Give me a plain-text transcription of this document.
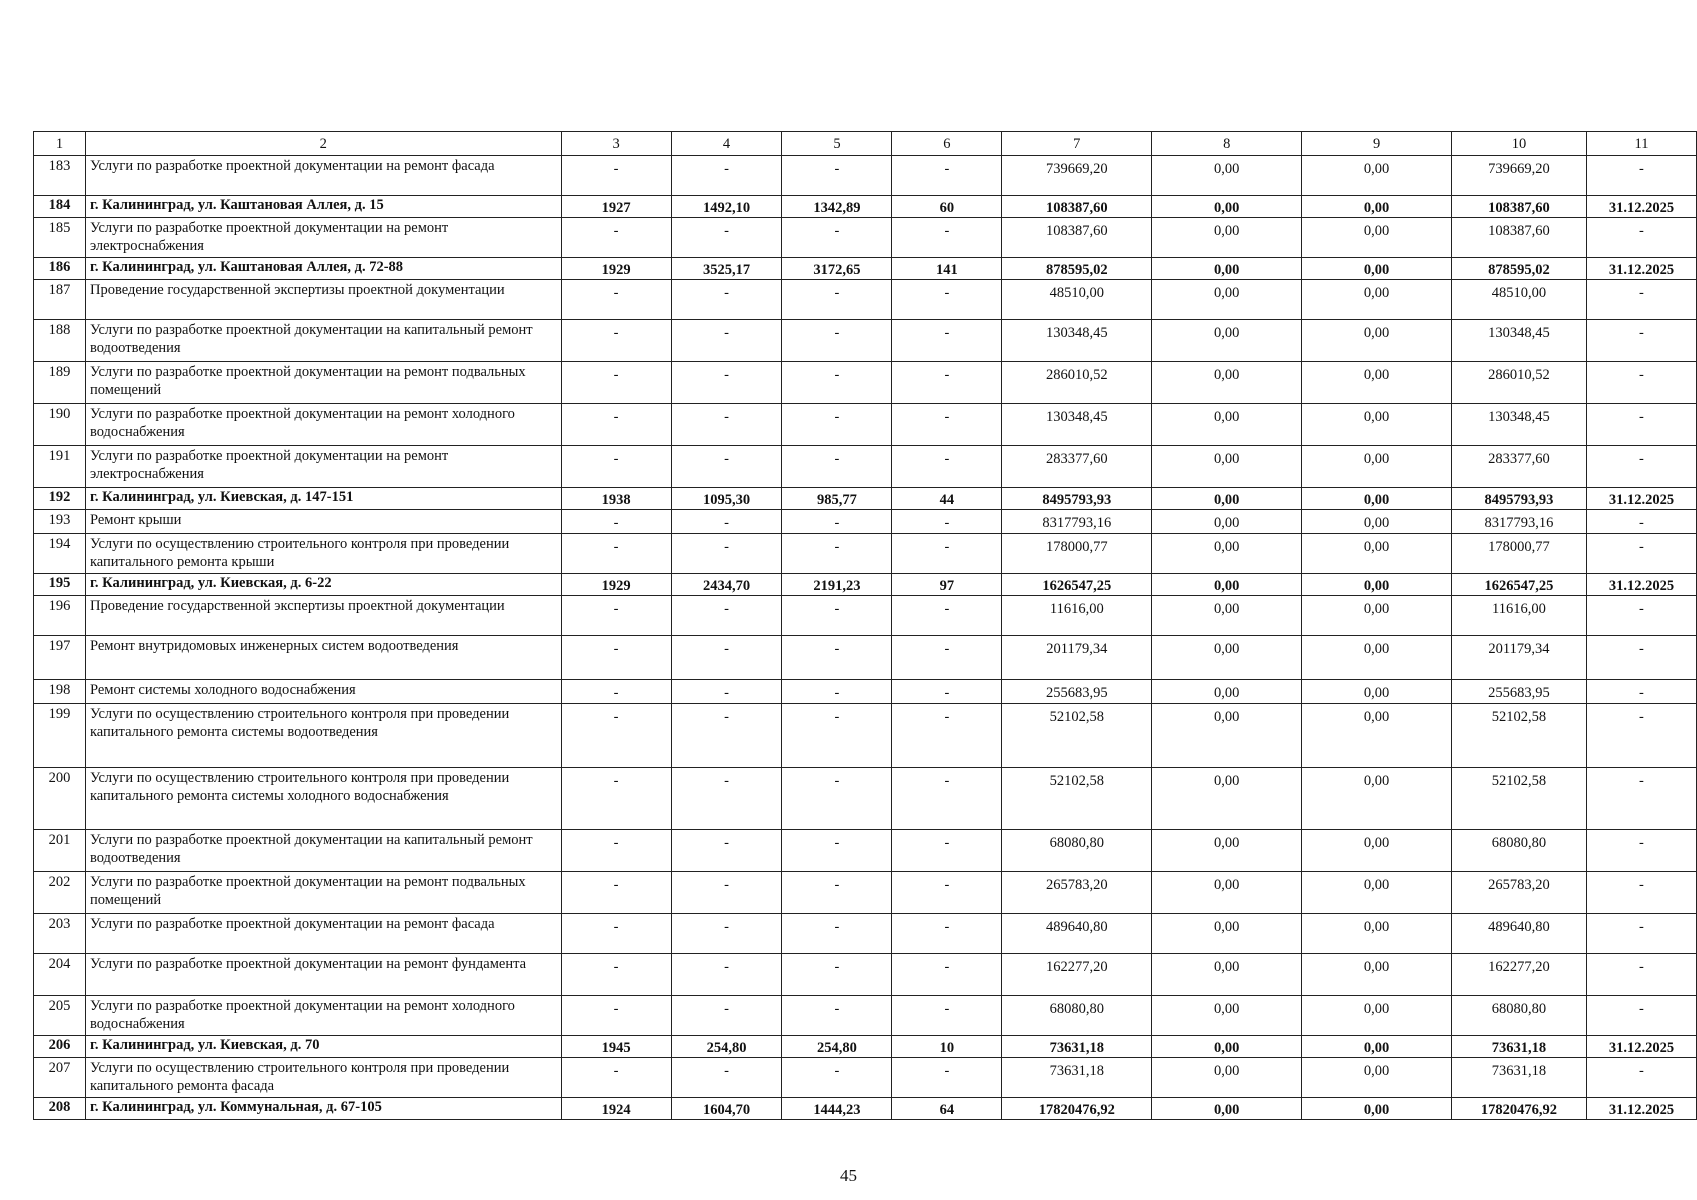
1	2	3	4	5	6	7	8	9	10	11
183	Услуги по разработке проектной документации на ремонт фасада	-	-	-	-	739669,20	0,00	0,00	739669,20	-
184	г. Калининград, ул. Каштановая Аллея, д. 15	1927	1492,10	1342,89	60	108387,60	0,00	0,00	108387,60	31.12.2025
185	Услуги по разработке проектной документации на ремонт электроснабжения	-	-	-	-	108387,60	0,00	0,00	108387,60	-
186	г. Калининград, ул. Каштановая Аллея, д. 72-88	1929	3525,17	3172,65	141	878595,02	0,00	0,00	878595,02	31.12.2025
187	Проведение государственной экспертизы проектной документации	-	-	-	-	48510,00	0,00	0,00	48510,00	-
188	Услуги по разработке проектной документации на капитальный ремонт водоотведения	-	-	-	-	130348,45	0,00	0,00	130348,45	-
189	Услуги по разработке проектной документации на ремонт подвальных помещений	-	-	-	-	286010,52	0,00	0,00	286010,52	-
190	Услуги по разработке проектной документации на ремонт холодного водоснабжения	-	-	-	-	130348,45	0,00	0,00	130348,45	-
191	Услуги по разработке проектной документации на ремонт электроснабжения	-	-	-	-	283377,60	0,00	0,00	283377,60	-
192	г. Калининград, ул. Киевская, д. 147-151	1938	1095,30	985,77	44	8495793,93	0,00	0,00	8495793,93	31.12.2025
193	Ремонт крыши	-	-	-	-	8317793,16	0,00	0,00	8317793,16	-
194	Услуги по осуществлению строительного контроля при проведении капитального ремонта крыши	-	-	-	-	178000,77	0,00	0,00	178000,77	-
195	г. Калининград, ул. Киевская, д. 6-22	1929	2434,70	2191,23	97	1626547,25	0,00	0,00	1626547,25	31.12.2025
196	Проведение государственной экспертизы проектной документации	-	-	-	-	11616,00	0,00	0,00	11616,00	-
197	Ремонт внутридомовых инженерных систем водоотведения	-	-	-	-	201179,34	0,00	0,00	201179,34	-
198	Ремонт системы холодного водоснабжения	-	-	-	-	255683,95	0,00	0,00	255683,95	-
199	Услуги по осуществлению строительного контроля при проведении капитального ремонта системы водоотведения	-	-	-	-	52102,58	0,00	0,00	52102,58	-
200	Услуги по осуществлению строительного контроля при проведении капитального ремонта системы холодного водоснабжения	-	-	-	-	52102,58	0,00	0,00	52102,58	-
201	Услуги по разработке проектной документации на капитальный ремонт водоотведения	-	-	-	-	68080,80	0,00	0,00	68080,80	-
202	Услуги по разработке проектной документации на ремонт подвальных помещений	-	-	-	-	265783,20	0,00	0,00	265783,20	-
203	Услуги по разработке проектной документации на ремонт фасада	-	-	-	-	489640,80	0,00	0,00	489640,80	-
204	Услуги по разработке проектной документации на ремонт фундамента	-	-	-	-	162277,20	0,00	0,00	162277,20	-
205	Услуги по разработке проектной документации на ремонт холодного водоснабжения	-	-	-	-	68080,80	0,00	0,00	68080,80	-
206	г. Калининград, ул. Киевская, д. 70	1945	254,80	254,80	10	73631,18	0,00	0,00	73631,18	31.12.2025
207	Услуги по осуществлению строительного контроля при проведении капитального ремонта фасада	-	-	-	-	73631,18	0,00	0,00	73631,18	-
208	г. Калининград, ул. Коммунальная, д. 67-105	1924	1604,70	1444,23	64	17820476,92	0,00	0,00	17820476,92	31.12.2025
45
